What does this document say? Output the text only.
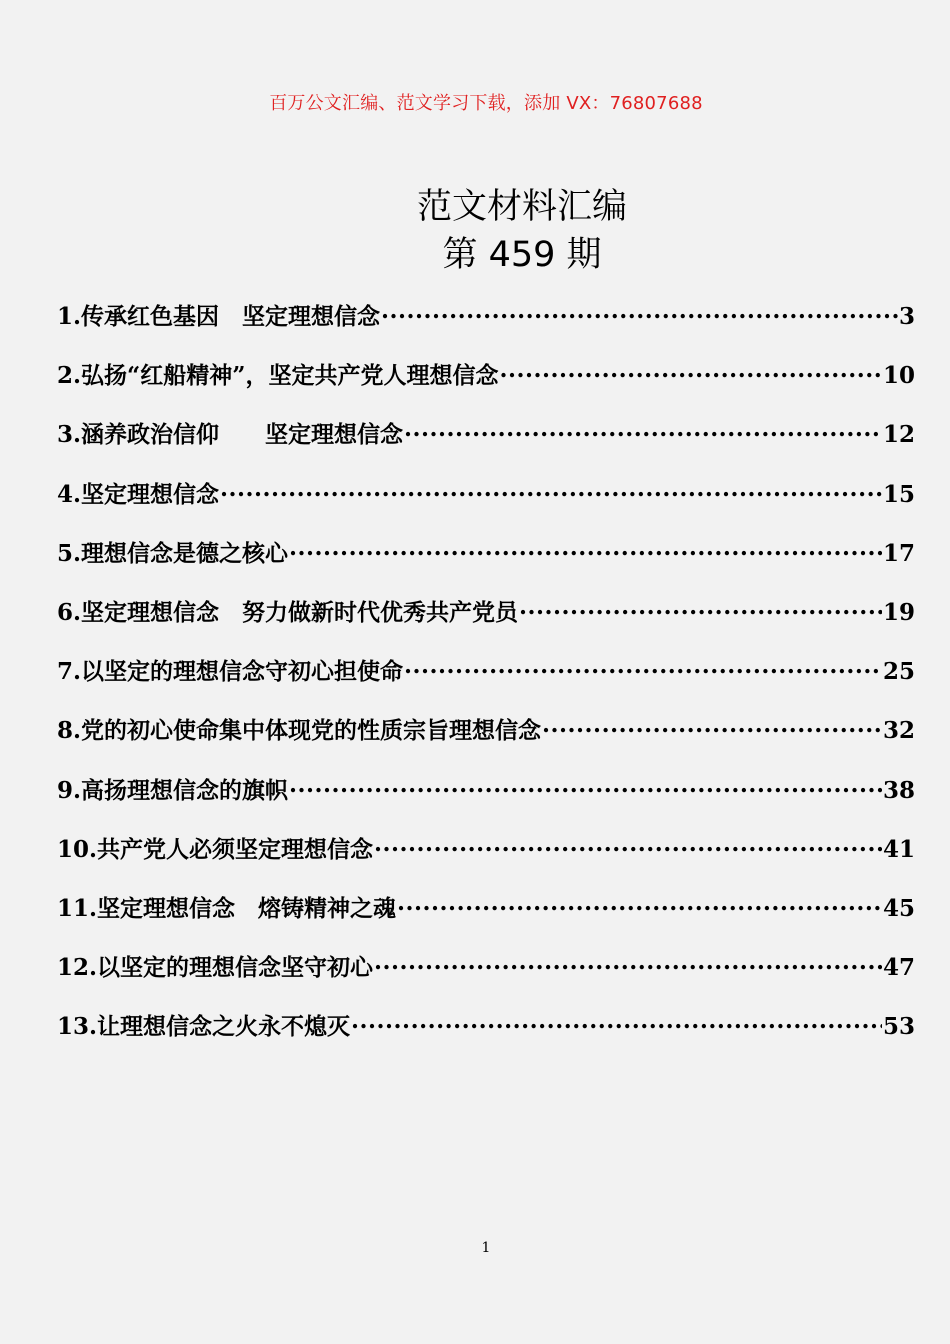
百万公文汇编、范文学习下载，添加 VX：76807688
范文材料汇编
第 459 期
1.传承红色基因　坚定理想信念 .....	3
2.弘扬“红船精神”，坚定共产党人理想信念 .....	10
3.涵养政治信仰　　坚定理想信念 .....	12
4.坚定理想信念 .....	15
5.理想信念是德之核心 .....	17
6.坚定理想信念　努力做新时代优秀共产党员 .....	19
7.以坚定的理想信念守初心担使命 .....	25
8.党的初心使命集中体现党的性质宗旨理想信念 .....	32
9.高扬理想信念的旗帜 .....	38
10.共产党人必须坚定理想信念 .....	41
11.坚定理想信念　熔铸精神之魂 .....	45
12.以坚定的理想信念坚守初心 .....	47
13.让理想信念之火永不熄灭 .....	53
1
